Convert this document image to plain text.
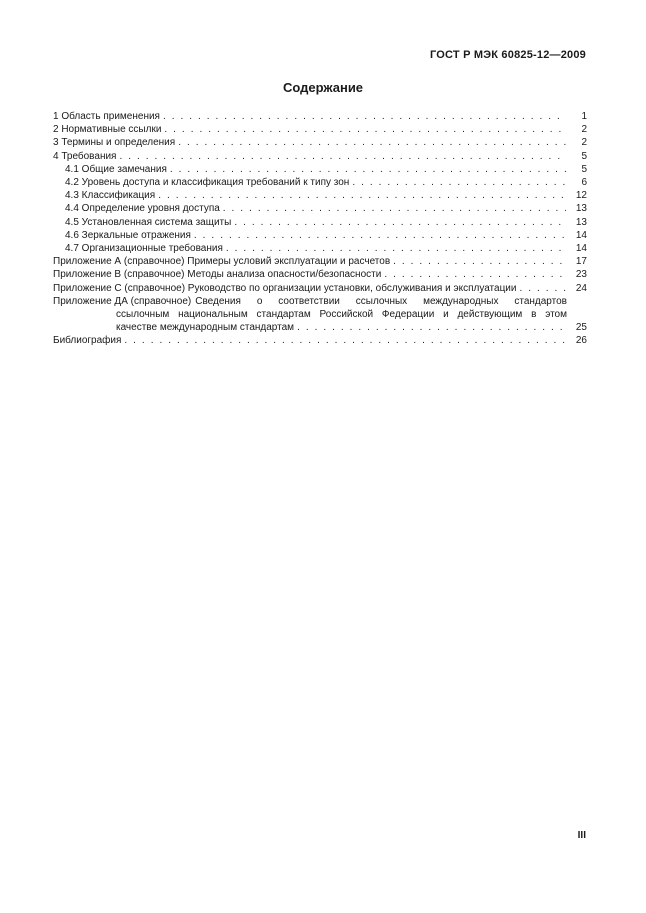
ГОСТ Р МЭК 60825-12—2009
Содержание
1 Область применения . . .	1
2 Нормативные ссылки . . .	2
3 Термины и определения . . .	2
4 Требования . . .	5
4.1 Общие замечания . . .	5
4.2 Уровень доступа и классификация требований к типу зон . . .	6
4.3 Классификация . . .	12
4.4 Определение уровня доступа . . .	13
4.5 Установленная система защиты . . .	13
4.6 Зеркальные отражения . . .	14
4.7 Организационные требования . . .	14
Приложение А (справочное) Примеры условий эксплуатации и расчетов . . .	17
Приложение В (справочное) Методы анализа опасности/безопасности . . .	23
Приложение С (справочное) Руководство по организации установки, обслуживания и эксплуатации . . .	24
Приложение ДА (справочное) Сведения о соответствии ссылочных международных стандартов
ссылочным национальным стандартам Российской Федерации и действующим в этом
качестве международным стандартам . . .	25
Библиография . . .	26
III
